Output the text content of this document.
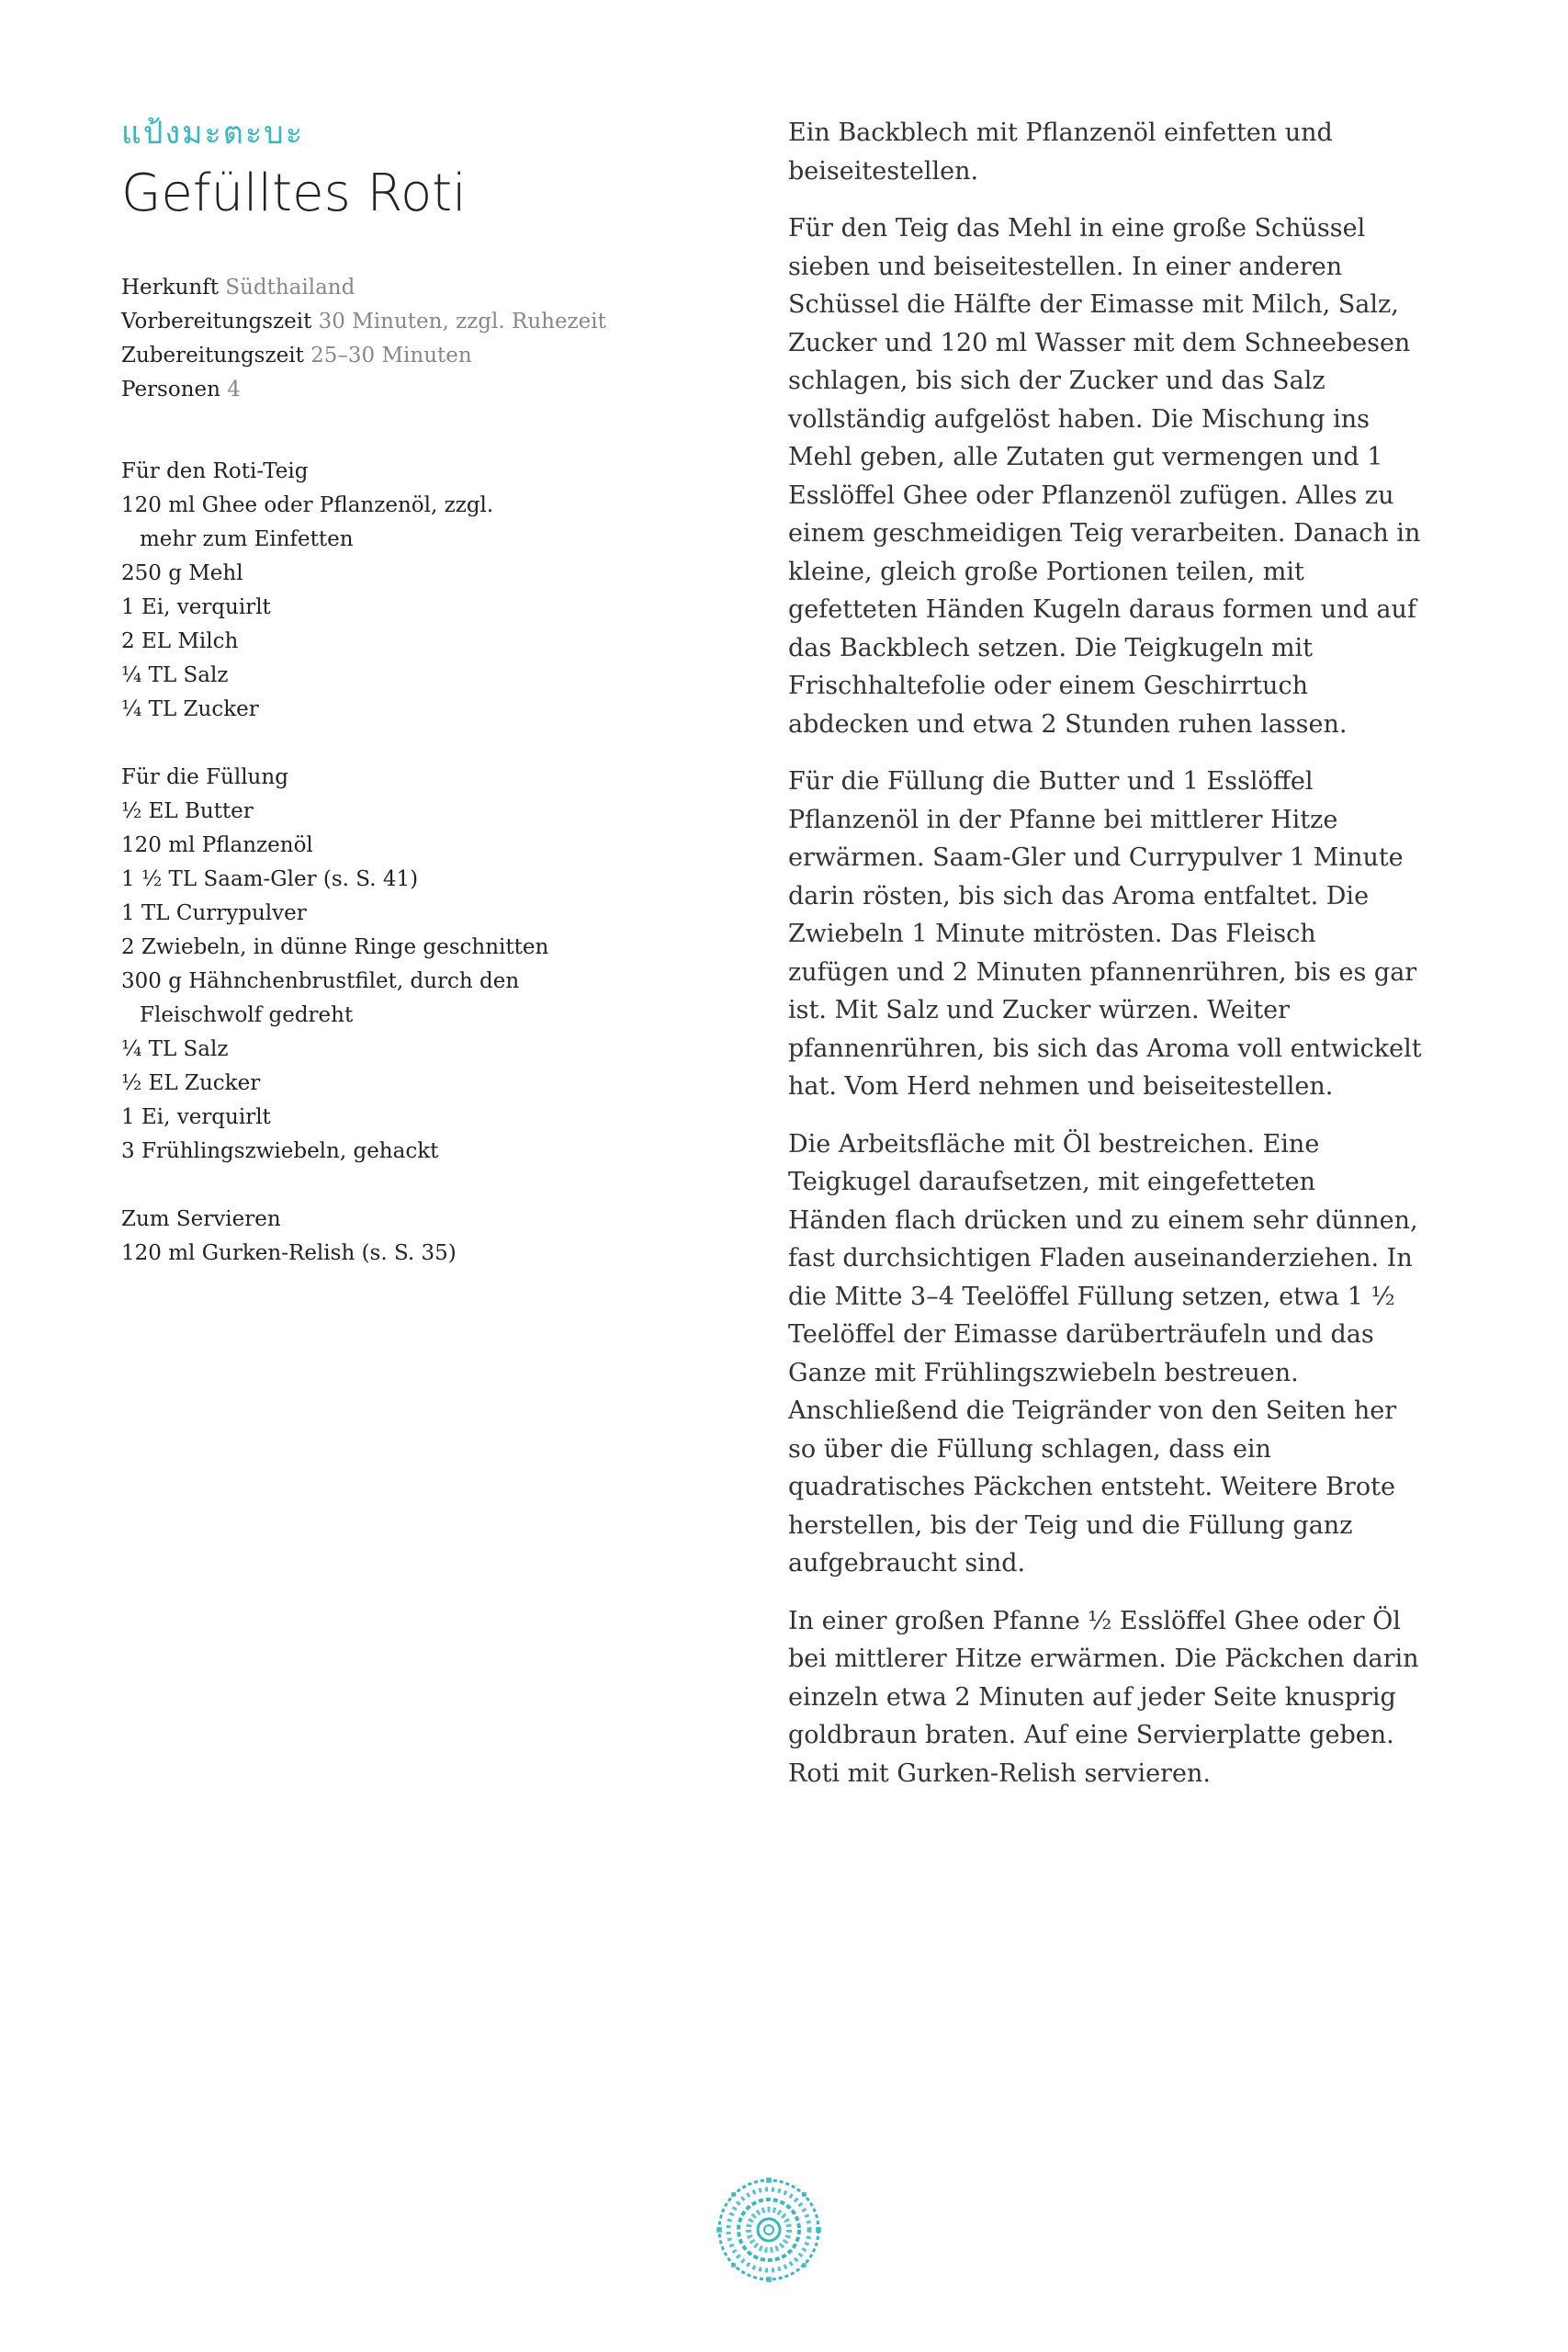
แป้งมะตะบะ
Gefülltes Roti
Herkunft Südthailand
Vorbereitungszeit 30 Minuten, zzgl. Ruhezeit
Zubereitungszeit 25–30 Minuten
Personen 4
Für den Roti-Teig
120 ml Ghee oder Pflanzenöl, zzgl.
mehr zum Einfetten
250 g Mehl
1 Ei, verquirlt
2 EL Milch
¼ TL Salz
¼ TL Zucker
Für die Füllung
½ EL Butter
120 ml Pflanzenöl
1 ½ TL Saam-Gler (s. S. 41)
1 TL Currypulver
2 Zwiebeln, in dünne Ringe geschnitten
300 g Hähnchenbrustfilet, durch den
Fleischwolf gedreht
¼ TL Salz
½ EL Zucker
1 Ei, verquirlt
3 Frühlingszwiebeln, gehackt
Zum Servieren
120 ml Gurken-Relish (s. S. 35)

Ein Backblech mit Pflanzenöl einfetten und beiseitestellen.

Für den Teig das Mehl in eine große Schüssel sieben und beiseitestellen. In einer anderen Schüssel die Hälfte der Eimasse mit Milch, Salz, Zucker und 120 ml Wasser mit dem Schneebesen schlagen, bis sich der Zucker und das Salz vollständig aufgelöst haben. Die Mischung ins Mehl geben, alle Zutaten gut vermengen und 1 Esslöffel Ghee oder Pflanzenöl zufügen. Alles zu einem geschmeidigen Teig verarbeiten. Danach in kleine, gleich große Portionen teilen, mit gefetteten Händen Kugeln daraus formen und auf das Backblech setzen. Die Teigkugeln mit Frischhaltefolie oder einem Geschirrtuch abdecken und etwa 2 Stunden ruhen lassen.

Für die Füllung die Butter und 1 Esslöffel Pflanzenöl in der Pfanne bei mittlerer Hitze erwärmen. Saam-Gler und Currypulver 1 Minute darin rösten, bis sich das Aroma entfaltet. Die Zwiebeln 1 Minute mitrösten. Das Fleisch zufügen und 2 Minuten pfannenrühren, bis es gar ist. Mit Salz und Zucker würzen. Weiter pfannenrühren, bis sich das Aroma voll entwickelt hat. Vom Herd nehmen und beiseitestellen.

Die Arbeitsfläche mit Öl bestreichen. Eine Teigkugel daraufsetzen, mit eingefetteten Händen flach drücken und zu einem sehr dünnen, fast durchsichtigen Fladen auseinanderziehen. In die Mitte 3–4 Teelöffel Füllung setzen, etwa 1 ½ Teelöffel der Eimasse darüberträufeln und das Ganze mit Frühlingszwiebeln bestreuen. Anschließend die Teigränder von den Seiten her so über die Füllung schlagen, dass ein quadratisches Päckchen entsteht. Weitere Brote herstellen, bis der Teig und die Füllung ganz aufgebraucht sind.

In einer großen Pfanne ½ Esslöffel Ghee oder Öl bei mittlerer Hitze erwärmen. Die Päckchen darin einzeln etwa 2 Minuten auf jeder Seite knusprig goldbraun braten. Auf eine Servierplatte geben. Roti mit Gurken-Relish servieren.
